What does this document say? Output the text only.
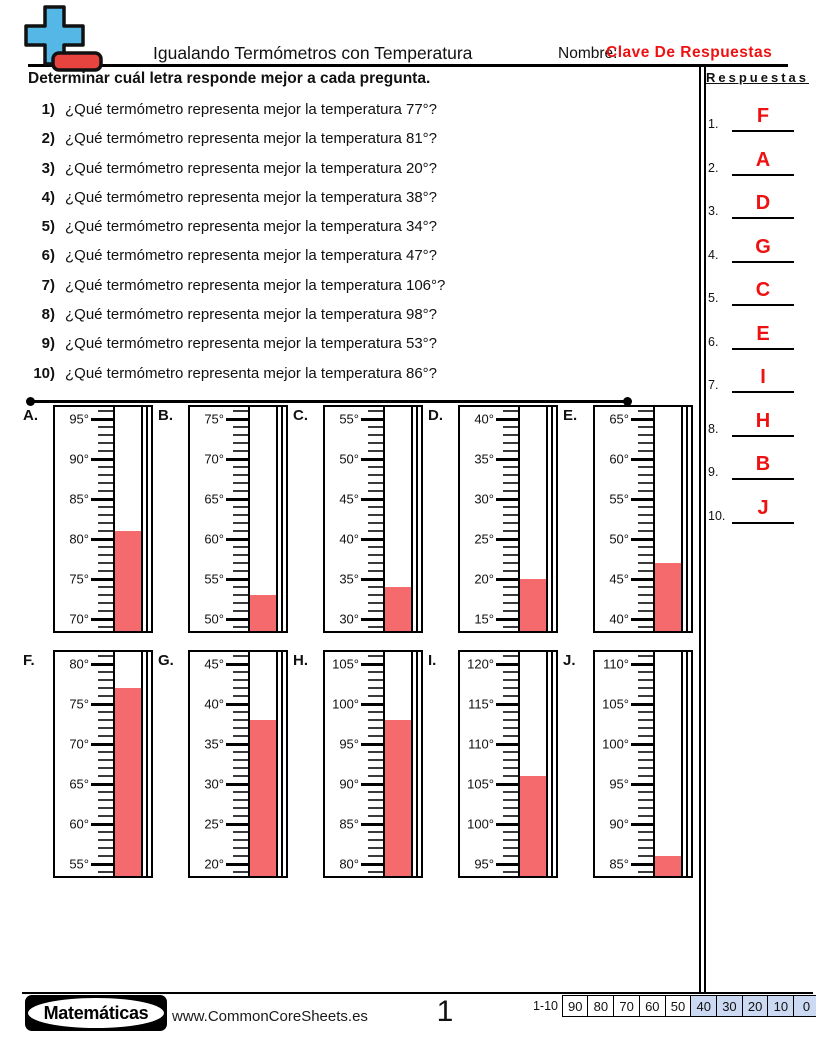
Igualando Termómetros con Temperatura	Nombre:
Clave De Respuestas
Determinar cuál letra responde mejor a cada pregunta.
1) ¿Qué termómetro representa mejor la temperatura 77°?
2) ¿Qué termómetro representa mejor la temperatura 81°?
3) ¿Qué termómetro representa mejor la temperatura 20°?
4) ¿Qué termómetro representa mejor la temperatura 38°?
5) ¿Qué termómetro representa mejor la temperatura 34°?
6) ¿Qué termómetro representa mejor la temperatura 47°?
7) ¿Qué termómetro representa mejor la temperatura 106°?
8) ¿Qué termómetro representa mejor la temperatura 98°?
9) ¿Qué termómetro representa mejor la temperatura 53°?
10) ¿Qué termómetro representa mejor la temperatura 86°?
Respuestas
1.	F
2.	A
3.	D
4.	G
5.	C
6.	E
7.	I
8.	H
9.	B
10.	J
A.	95°
90°
85°
80°
75°
70°
B.	75°
70°
65°
60°
55°
50°
C.	55°
50°
45°
40°
35°
30°
D.	40°
35°
30°
25°
20°
15°
E.	65°
60°
55°
50°
45°
40°
F.	80°
75°
70°
65°
60°
55°
G.	45°
40°
35°
30°
25°
20°
H.	105°
100°
95°
90°
85°
80°
I.	120°
115°
110°
105°
100°
95°
J.	110°
105°
100°
95°
90°
85°
Matemáticas	www.CommonCoreSheets.es	1	1-10 90 80 70 60 50 40 30 20 10	0
